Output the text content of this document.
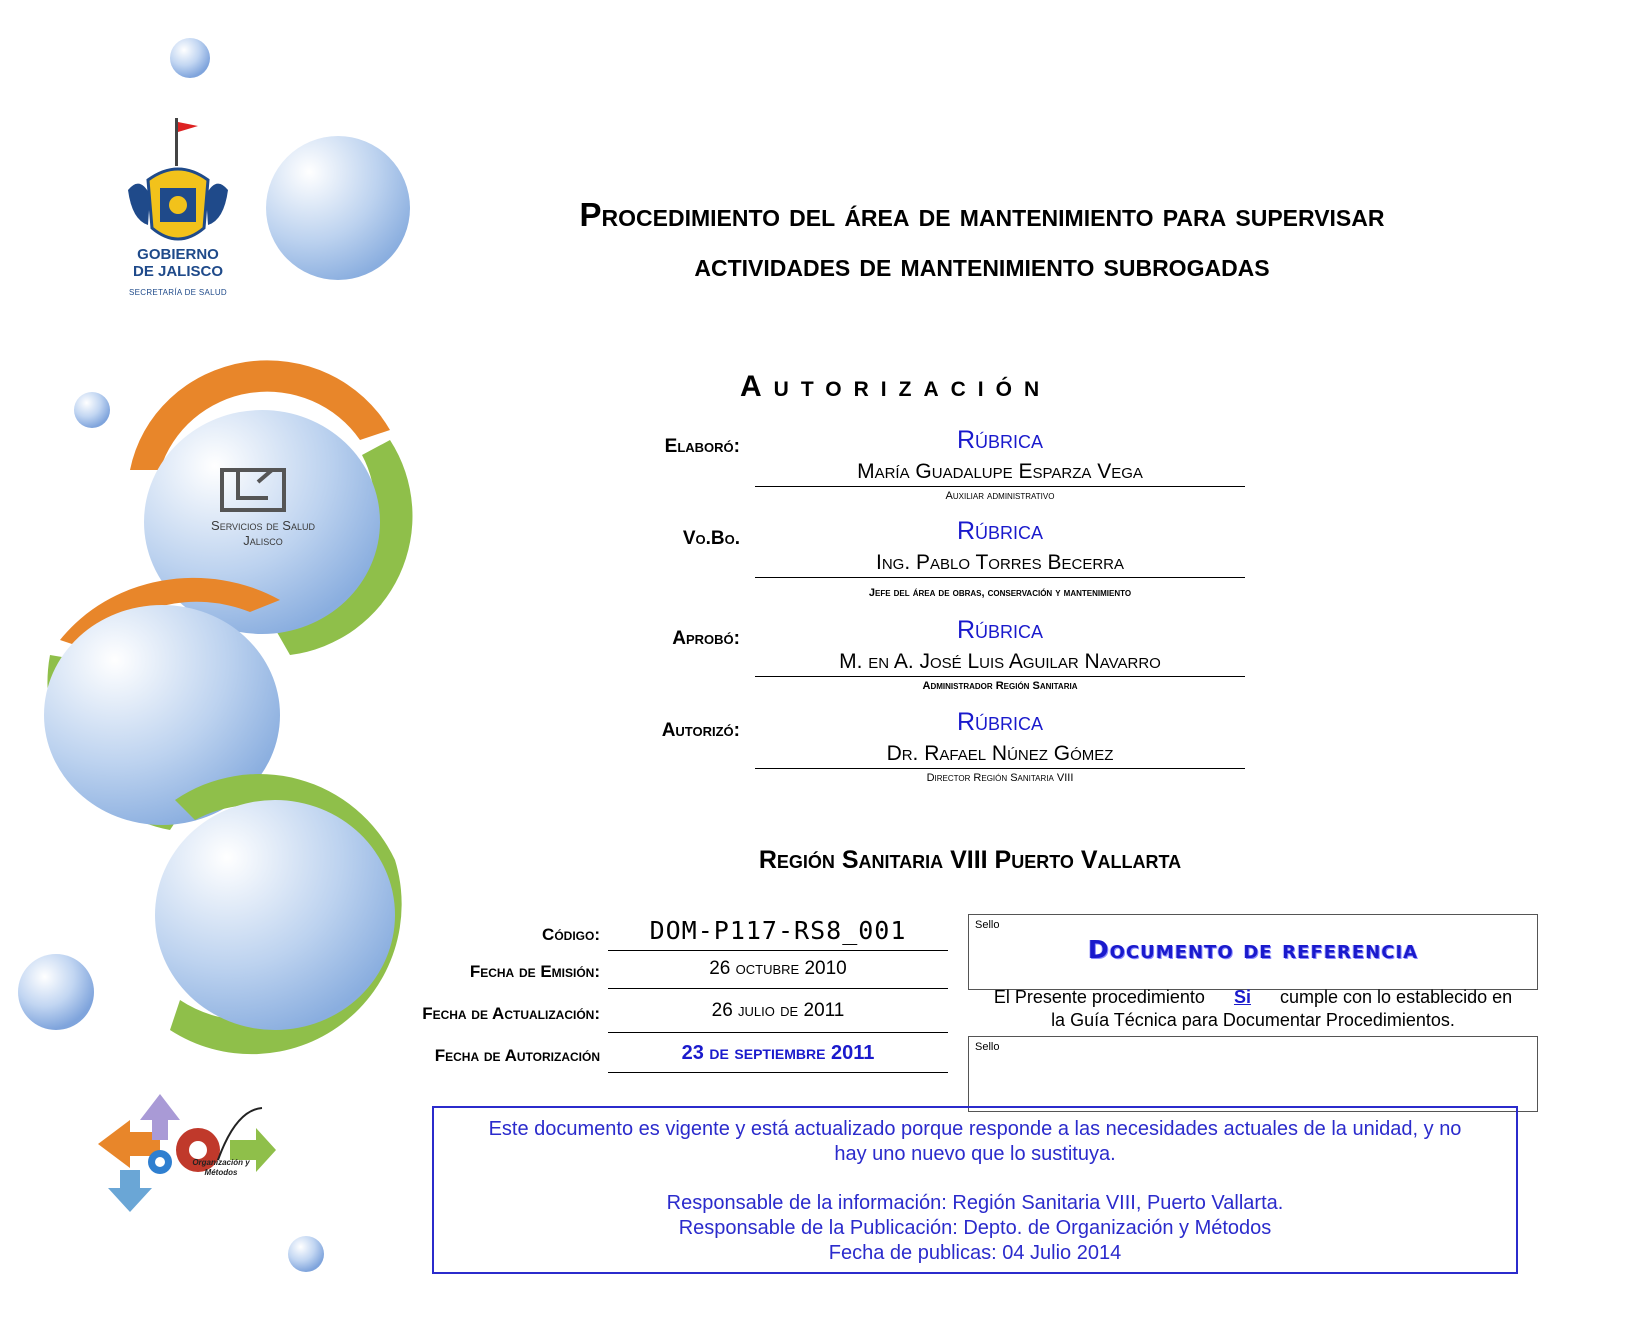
GOBIERNO
DE JALISCO
SECRETARÍA DE SALUD
Servicios de Salud
Jalisco
Organización y
Métodos
Procedimiento del área de mantenimiento para supervisar
actividades de mantenimiento subrogadas
Autorización
Elaboró:	Rúbrica
María Guadalupe Esparza Vega
Auxiliar administrativo
Vo.Bo.	Rúbrica
Ing. Pablo Torres Becerra
Jefe del área de obras, conservación y mantenimiento
Aprobó:	Rúbrica
M. en A. José Luis Aguilar Navarro
Administrador Región Sanitaria
Autorizó:	Rúbrica
Dr. Rafael Núnez Gómez
Director Región Sanitaria VIII
Región Sanitaria VIII Puerto Vallarta
Código:	DOM-P117-RS8_001
Fecha de Emisión:	26 octubre 2010
Fecha de Actualización:	26 julio de 2011
Fecha de Autorización	23 de septiembre 2011
Sello
Documento de referencia
El Presente procedimiento Si cumple con lo establecido en
la Guía Técnica para Documentar Procedimientos.
Sello
Este documento es vigente y está actualizado porque responde a las necesidades actuales de la unidad, y no
hay uno nuevo que lo sustituya.
Responsable de la información: Región Sanitaria VIII, Puerto Vallarta.
Responsable de la Publicación: Depto. de Organización y Métodos
Fecha de publicas: 04 Julio 2014
